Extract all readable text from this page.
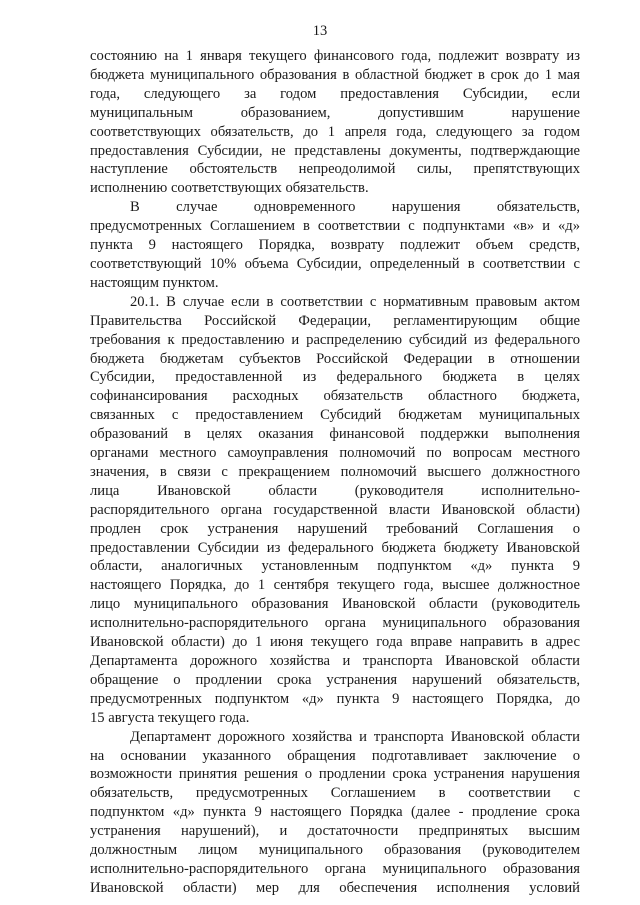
13
состоянию на 1 января текущего финансового года, подлежит возврату из
бюджета муниципального образования в областной бюджет в срок до 1 мая
года, следующего за годом предоставления Субсидии, если
муниципальным образованием, допустившим нарушение
соответствующих обязательств, до 1 апреля года, следующего за годом
предоставления Субсидии, не представлены документы, подтверждающие
наступление обстоятельств непреодолимой силы, препятствующих
исполнению соответствующих обязательств.
В случае одновременного нарушения обязательств,
предусмотренных Соглашением в соответствии с подпунктами «в» и «д»
пункта 9 настоящего Порядка, возврату подлежит объем средств,
соответствующий 10% объема Субсидии, определенный в соответствии с
настоящим пунктом.
20.1. В случае если в соответствии с нормативным правовым актом
Правительства Российской Федерации, регламентирующим общие
требования к предоставлению и распределению субсидий из федерального
бюджета бюджетам субъектов Российской Федерации в отношении
Субсидии, предоставленной из федерального бюджета в целях
софинансирования расходных обязательств областного бюджета,
связанных с предоставлением Субсидий бюджетам муниципальных
образований в целях оказания финансовой поддержки выполнения
органами местного самоуправления полномочий по вопросам местного
значения, в связи с прекращением полномочий высшего должностного
лица Ивановской области (руководителя исполнительно-
распорядительного органа государственной власти Ивановской области)
продлен срок устранения нарушений требований Соглашения о
предоставлении Субсидии из федерального бюджета бюджету Ивановской
области, аналогичных установленным подпунктом «д» пункта 9
настоящего Порядка, до 1 сентября текущего года, высшее должностное
лицо муниципального образования Ивановской области (руководитель
исполнительно-распорядительного органа муниципального образования
Ивановской области) до 1 июня текущего года вправе направить в адрес
Департамента дорожного хозяйства и транспорта Ивановской области
обращение о продлении срока устранения нарушений обязательств,
предусмотренных подпунктом «д» пункта 9 настоящего Порядка, до
15 августа текущего года.
Департамент дорожного хозяйства и транспорта Ивановской области
на основании указанного обращения подготавливает заключение о
возможности принятия решения о продлении срока устранения нарушения
обязательств, предусмотренных Соглашением в соответствии с
подпунктом «д» пункта 9 настоящего Порядка (далее - продление срока
устранения нарушений), и достаточности предпринятых высшим
должностным лицом муниципального образования (руководителем
исполнительно-распорядительного органа муниципального образования
Ивановской области) мер для обеспечения исполнения условий
